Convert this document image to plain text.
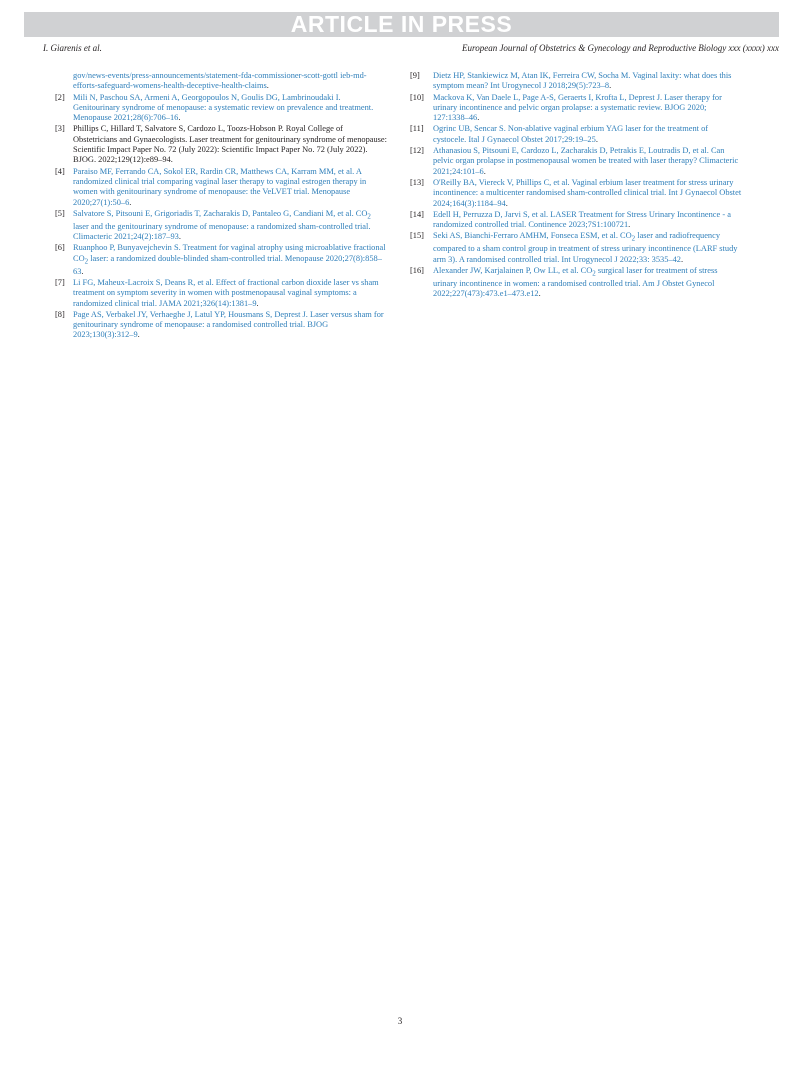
ARTICLE IN PRESS
I. Giarenis et al.	European Journal of Obstetrics & Gynecology and Reproductive Biology xxx (xxxx) xxx
gov/news-events/press-announcements/statement-fda-commissioner-scott-gottl ieb-md-efforts-safeguard-womens-health-deceptive-health-claims.
[2] Mili N, Paschou SA, Armeni A, Georgopoulos N, Goulis DG, Lambrinoudaki I. Genitourinary syndrome of menopause: a systematic review on prevalence and treatment. Menopause 2021;28(6):706–16.
[3] Phillips C, Hillard T, Salvatore S, Cardozo L, Toozs-Hobson P. Royal College of Obstetricians and Gynaecologists. Laser treatment for genitourinary syndrome of menopause: Scientific Impact Paper No. 72 (July 2022): Scientific Impact Paper No. 72 (July 2022). BJOG. 2022;129(12):e89–94.
[4] Paraiso MF, Ferrando CA, Sokol ER, Rardin CR, Matthews CA, Karram MM, et al. A randomized clinical trial comparing vaginal laser therapy to vaginal estrogen therapy in women with genitourinary syndrome of menopause: the VeLVET trial. Menopause 2020;27(1):50–6.
[5] Salvatore S, Pitsouni E, Grigoriadis T, Zacharakis D, Pantaleo G, Candiani M, et al. $CO_2$ laser and the genitourinary syndrome of menopause: a randomized sham-controlled trial. Climacteric 2021;24(2):187–93.
[6] Ruanphoo P, Bunyavejchevin S. Treatment for vaginal atrophy using microablative fractional $CO_2$ laser: a randomized double-blinded sham-controlled trial. Menopause 2020;27(8):858–63.
[7] Li FG, Maheux-Lacroix S, Deans R, et al. Effect of fractional carbon dioxide laser vs sham treatment on symptom severity in women with postmenopausal vaginal symptoms: a randomized clinical trial. JAMA 2021;326(14):1381–9.
[8] Page AS, Verbakel JY, Verhaeghe J, Latul YP, Housmans S, Deprest J. Laser versus sham for genitourinary syndrome of menopause: a randomised controlled trial. BJOG 2023;130(3):312–9.
[9] Dietz HP, Stankiewicz M, Atan IK, Ferreira CW, Socha M. Vaginal laxity: what does this symptom mean? Int Urogynecol J 2018;29(5):723–8.
[10] Mackova K, Van Daele L, Page A-S, Geraerts I, Krofta L, Deprest J. Laser therapy for urinary incontinence and pelvic organ prolapse: a systematic review. BJOG 2020; 127:1338–46.
[11] Ogrinc UB, Sencar S. Non-ablative vaginal erbium YAG laser for the treatment of cystocele. Ital J Gynaecol Obstet 2017;29:19–25.
[12] Athanasiou S, Pitsouni E, Cardozo L, Zacharakis D, Petrakis E, Loutradis D, et al. Can pelvic organ prolapse in postmenopausal women be treated with laser therapy? Climacteric 2021;24:101–6.
[13] O'Reilly BA, Viereck V, Phillips C, et al. Vaginal erbium laser treatment for stress urinary incontinence: a multicenter randomised sham-controlled clinical trial. Int J Gynaecol Obstet 2024;164(3):1184–94.
[14] Edell H, Perruzza D, Jarvi S, et al. LASER Treatment for Stress Urinary Incontinence - a randomized controlled trial. Continence 2023;7S1:100721.
[15] Seki AS, Bianchi-Ferraro AMHM, Fonseca ESM, et al. $CO_2$ laser and radiofrequency compared to a sham control group in treatment of stress urinary incontinence (LARF study arm 3). A randomised controlled trial. Int Urogynecol J 2022;33: 3535–42.
[16] Alexander JW, Karjalainen P, Ow LL, et al. $CO_2$ surgical laser for treatment of stress urinary incontinence in women: a randomised controlled trial. Am J Obstet Gynecol 2022;227(473):473.e1–473.e12.
3
